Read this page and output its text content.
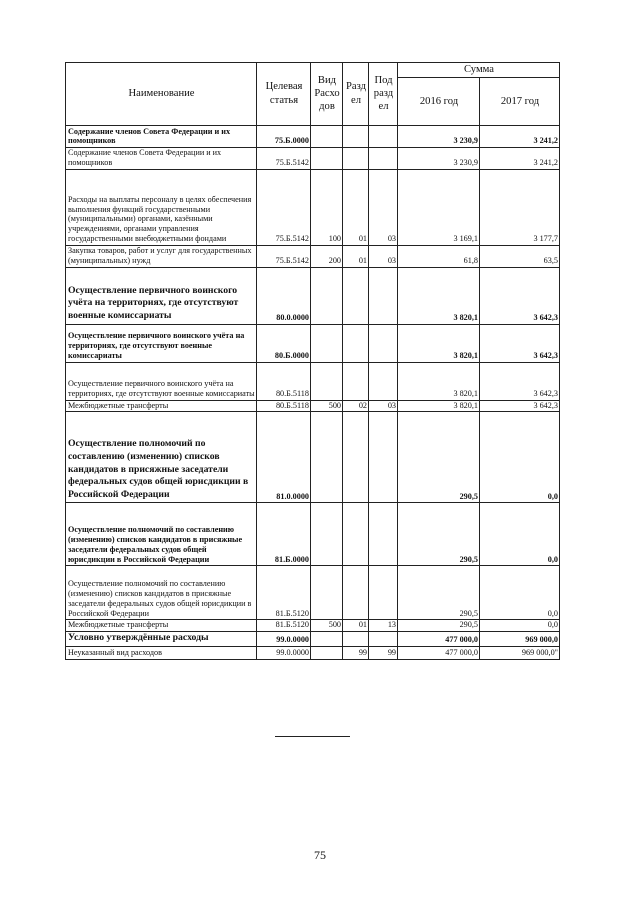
Наименование	Целевая статья	Вид Расхо дов	Разд ел	Под разд ел	Сумма	
					2016 год	2017 год
Содержание членов Совета Федерации и их помощников	75.Б.0000				3 230,9	3 241,2
Содержание членов Совета Федерации и их помощников	75.Б.5142				3 230,9	3 241,2
Расходы на выплаты персоналу в целях обеспечения выполнения функций государственными (муниципальными) органами, казёнными учреждениями, органами управления государственными внебюджетными фондами	75.Б.5142	100	01	03	3 169,1	3 177,7
Закупка товаров, работ и услуг для государственных (муниципальных) нужд	75.Б.5142	200	01	03	61,8	63,5
Осуществление первичного воинского учёта на территориях, где отсутствуют военные комиссариаты	80.0.0000				3 820,1	3 642,3
Осуществление первичного воинского учёта на территориях, где отсутствуют военные комиссариаты	80.Б.0000				3 820,1	3 642,3
Осуществление первичного воинского учёта на территориях, где отсутствуют военные комиссариаты	80.Б.5118				3 820,1	3 642,3
Межбюджетные трансферты	80.Б.5118	500	02	03	3 820,1	3 642,3
Осуществление полномочий по составлению (изменению) списков кандидатов в присяжные заседатели федеральных судов общей юрисдикции в Российской Федерации	81.0.0000				290,5	0,0
Осуществление полномочий по составлению (изменению) списков кандидатов в присяжные заседатели федеральных судов общей юрисдикции в Российской Федерации	81.Б.0000				290,5	0,0
Осуществление полномочий по составлению (изменению) списков кандидатов в присяжные заседатели федеральных судов общей юрисдикции в Российской Федерации	81.Б.5120				290,5	0,0
Межбюджетные трансферты	81.Б.5120	500	01	13	290,5	0,0
Условно утверждённые расходы	99.0.0000				477 000,0	969 000,0
Неуказанный вид расходов	99.0.0000		99	99	477 000,0	969 000,0"
75
